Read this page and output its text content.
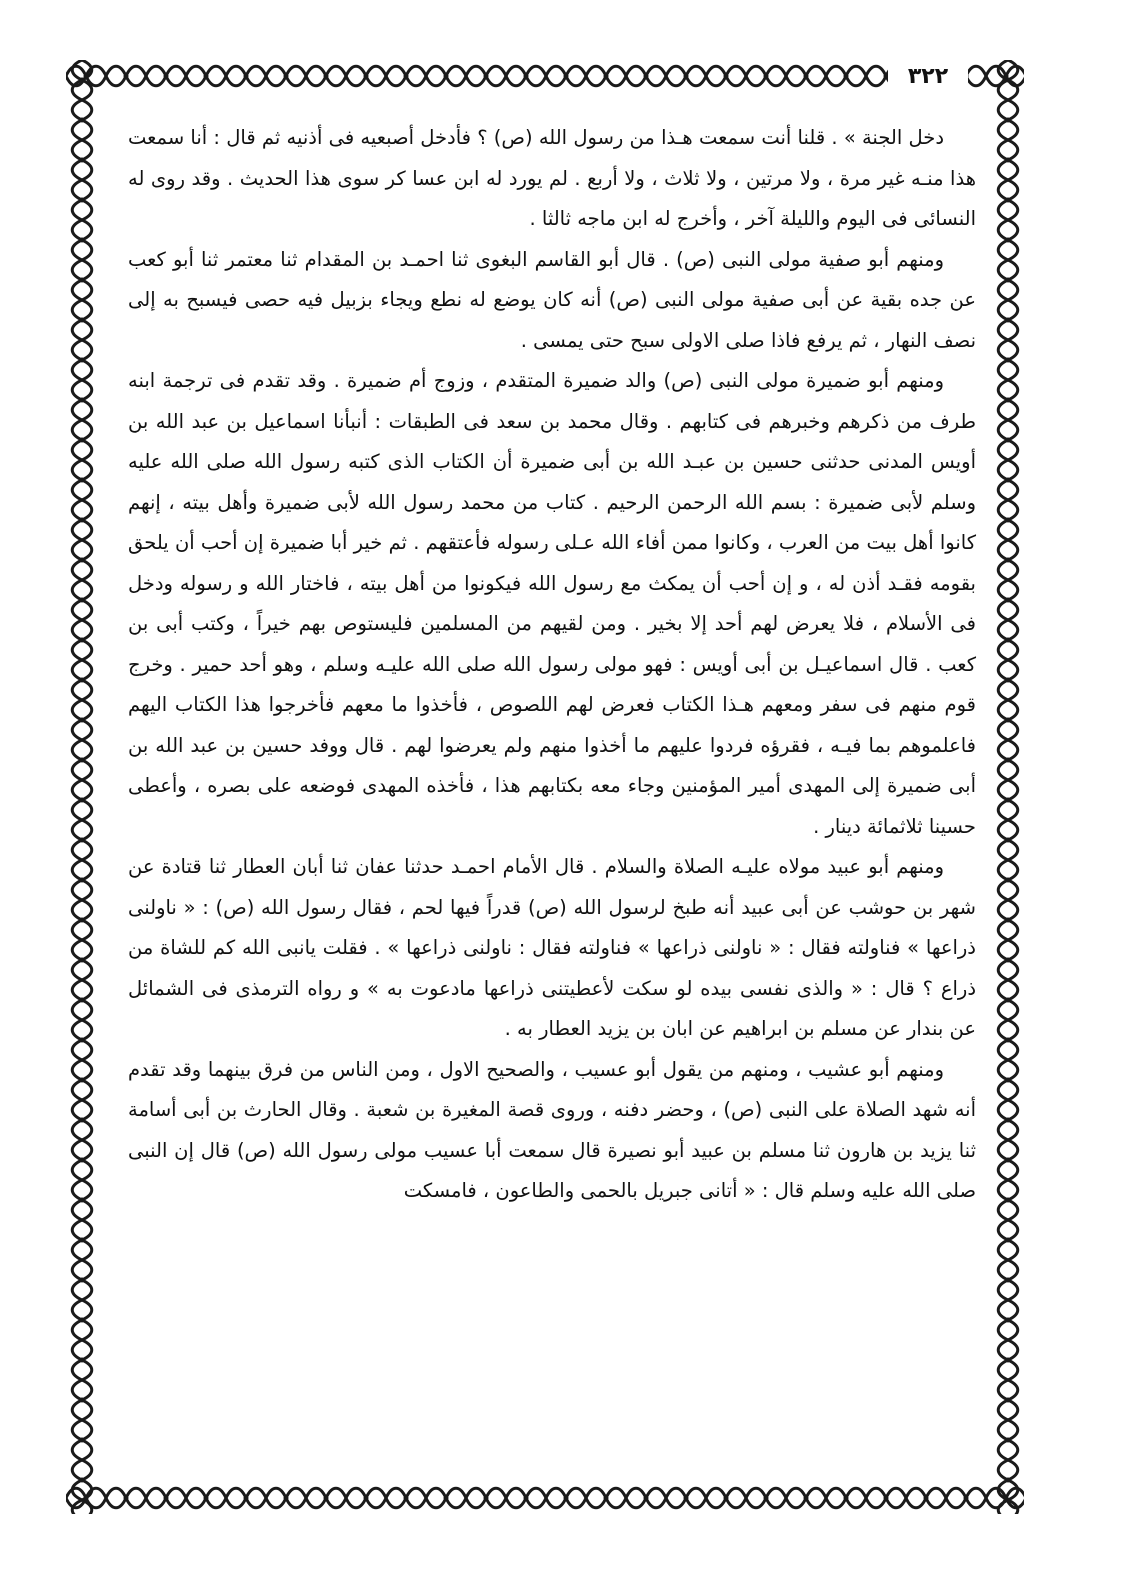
٣٢٢

دخل الجنة » . قلنا أنت سمعت هـذا من رسول الله (ص) ؟ فأدخل أصبعيه فى أذنيه ثم قال : أنا سمعت هذا منـه غير مرة ، ولا مرتين ، ولا ثلاث ، ولا أربع . لم يورد له ابن عسا كر سوى هذا الحديث . وقد روى له النسائى فى اليوم والليلة آخر ، وأخرج له ابن ماجه ثالثا .

ومنهم أبو صفية مولى النبى (ص) . قال أبو القاسم البغوى ثنا احمـد بن المقدام ثنا معتمر ثنا أبو كعب عن جده بقية عن أبى صفية مولى النبى (ص) أنه كان يوضع له نطع ويجاء بزبيل فيه حصى فيسبح به إلى نصف النهار ، ثم يرفع فاذا صلى الاولى سبح حتى يمسى .

ومنهم أبو ضميرة مولى النبى (ص) والد ضميرة المتقدم ، وزوج أم ضميرة . وقد تقدم فى ترجمة ابنه طرف من ذكرهم وخبرهم فى كتابهم . وقال محمد بن سعد فى الطبقات : أنبأنا اسماعيل بن عبد الله بن أويس المدنى حدثنى حسين بن عبـد الله بن أبى ضميرة أن الكتاب الذى كتبه رسول الله صلى الله عليه وسلم لأبى ضميرة : بسم الله الرحمن الرحيم . كتاب من محمد رسول الله لأبى ضميرة وأهل بيته ، إنهم كانوا أهل بيت من العرب ، وكانوا ممن أفاء الله عـلى رسوله فأعتقهم . ثم خير أبا ضميرة إن أحب أن يلحق بقومه فقـد أذن له ، و إن أحب أن يمكث مع رسول الله فيكونوا من أهل بيته ، فاختار الله و رسوله ودخل فى الأسلام ، فلا يعرض لهم أحد إلا بخير . ومن لقيهم من المسلمين فليستوص بهم خيراً ، وكتب أبى بن كعب . قال اسماعيـل بن أبى أويس : فهو مولى رسول الله صلى الله عليـه وسلم ، وهو أحد حمير . وخرج قوم منهم فى سفر ومعهم هـذا الكتاب فعرض لهم اللصوص ، فأخذوا ما معهم فأخرجوا هذا الكتاب اليهم فاعلموهم بما فيـه ، فقرؤه فردوا عليهم ما أخذوا منهم ولم يعرضوا لهم . قال ووفد حسين بن عبد الله بن أبى ضميرة إلى المهدى أمير المؤمنين وجاء معه بكتابهم هذا ، فأخذه المهدى فوضعه على بصره ، وأعطى حسينا ثلاثمائة دينار .

ومنهم أبو عبيد مولاه عليـه الصلاة والسلام . قال الأمام احمـد حدثنا عفان ثنا أبان العطار ثنا قتادة عن شهر بن حوشب عن أبى عبيد أنه طبخ لرسول الله (ص) قدراً فيها لحم ، فقال رسول الله (ص) : « ناولنى ذراعها » فناولته فقال : « ناولنى ذراعها » فناولته فقال : ناولنى ذراعها » . فقلت يانبى الله كم للشاة من ذراع ؟ قال : « والذى نفسى بيده لو سكت لأعطيتنى ذراعها مادعوت به » و رواه الترمذى فى الشمائل عن بندار عن مسلم بن ابراهيم عن ابان بن يزيد العطار به .

ومنهم أبو عشيب ، ومنهم من يقول أبو عسيب ، والصحيح الاول ، ومن الناس من فرق بينهما وقد تقدم أنه شهد الصلاة على النبى (ص) ، وحضر دفنه ، وروى قصة المغيرة بن شعبة . وقال الحارث بن أبى أسامة ثنا يزيد بن هارون ثنا مسلم بن عبيد أبو نصيرة قال سمعت أبا عسيب مولى رسول الله (ص) قال إن النبى صلى الله عليه وسلم قال : « أتانى جبريل بالحمى والطاعون ، فامسكت
